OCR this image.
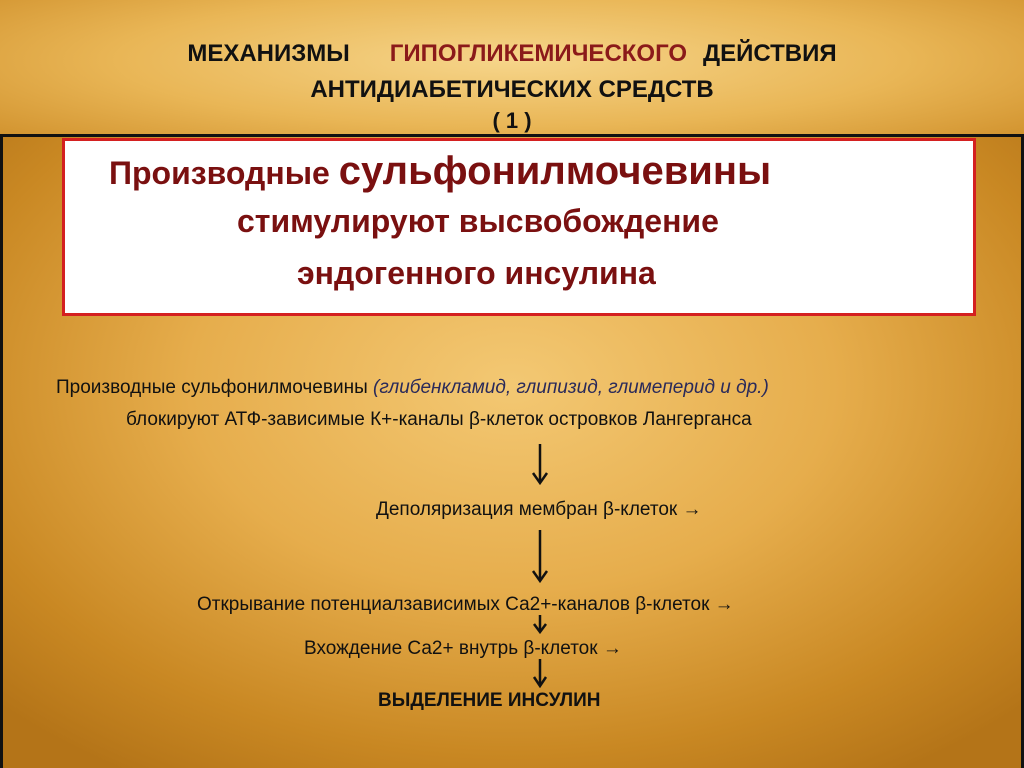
МЕХАНИЗМЫ ГИПОГЛИКЕМИЧЕСКОГО ДЕЙСТВИЯ
АНТИДИАБЕТИЧЕСКИХ СРЕДСТВ
( 1 )
Производные сульфонилмочевины
стимулируют высвобождение
эндогенного инсулина
Производные сульфонилмочевины (глибенкламид, глипизид, глимеперид и др.)
блокируют АТФ-зависимые К+-каналы β-клеток островков Лангерганса
Деполяризация мембран β-клеток →
Открывание потенциалзависимых Са2+-каналов β-клеток →
Вхождение Са2+ внутрь β-клеток →
ВЫДЕЛЕНИЕ ИНСУЛИН
